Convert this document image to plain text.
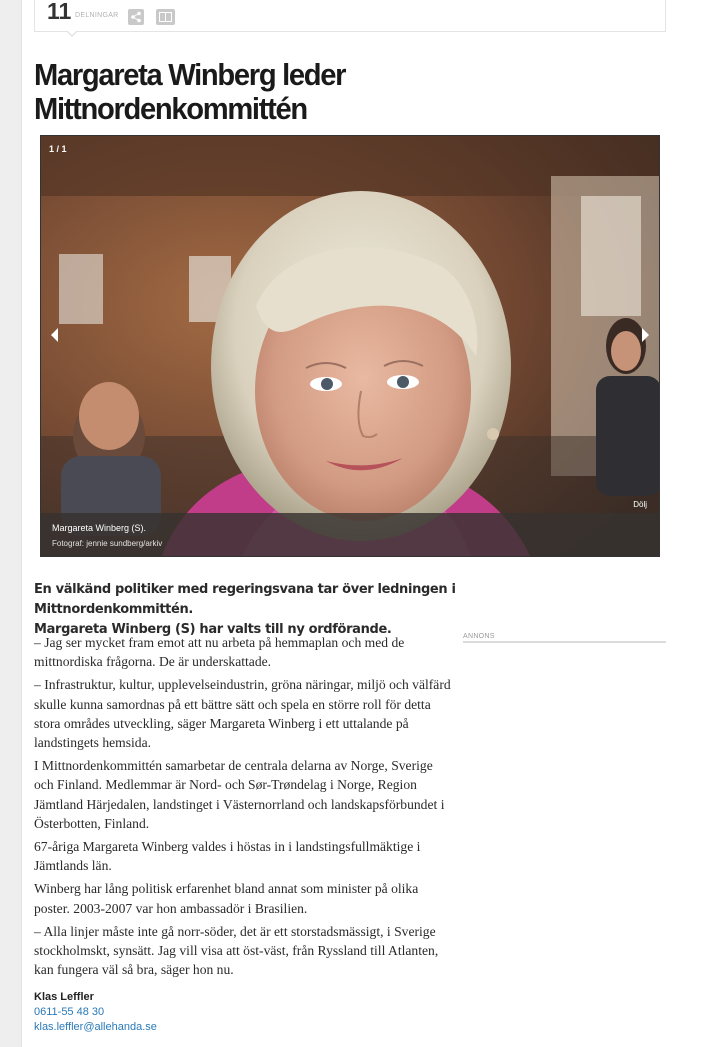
11 DELNINGAR
Margareta Winberg leder
Mittnordenkommittén
1 / 1
Margareta Winberg (S).
Fotograf: jennie sundberg/arkiv
Dölj
En välkänd politiker med regeringsvana tar över ledningen i Mittnordenkommittén.
Margareta Winberg (S) har valts till ny ordförande.

– Jag ser mycket fram emot att nu arbeta på hemmaplan och med de mittnordiska frågorna. De är underskattade.

– Infrastruktur, kultur, upplevelseindustrin, gröna näringar, miljö och välfärd skulle kunna samordnas på ett bättre sätt och spela en större roll för detta stora områdes utveckling, säger Margareta Winberg i ett uttalande på landstingets hemsida.

I Mittnordenkommittén samarbetar de centrala delarna av Norge, Sverige och Finland. Medlemmar är Nord- och Sør-Trøndelag i Norge, Region Jämtland Härjedalen, landstinget i Västernorrland och landskapsförbundet i Österbotten, Finland.

67-åriga Margareta Winberg valdes i höstas in i landstingsfullmäktige i Jämtlands län.

Winberg har lång politisk erfarenhet bland annat som minister på olika poster. 2003-2007 var hon ambassadör i Brasilien.

– Alla linjer måste inte gå norr-söder, det är ett storstadsmässigt, i Sverige stockholmskt, synsätt. Jag vill visa att öst-väst, från Ryssland till Atlanten, kan fungera väl så bra, säger hon nu.

ANNONS
Klas Leffler
0611-55 48 30
klas.leffler@allehanda.se
